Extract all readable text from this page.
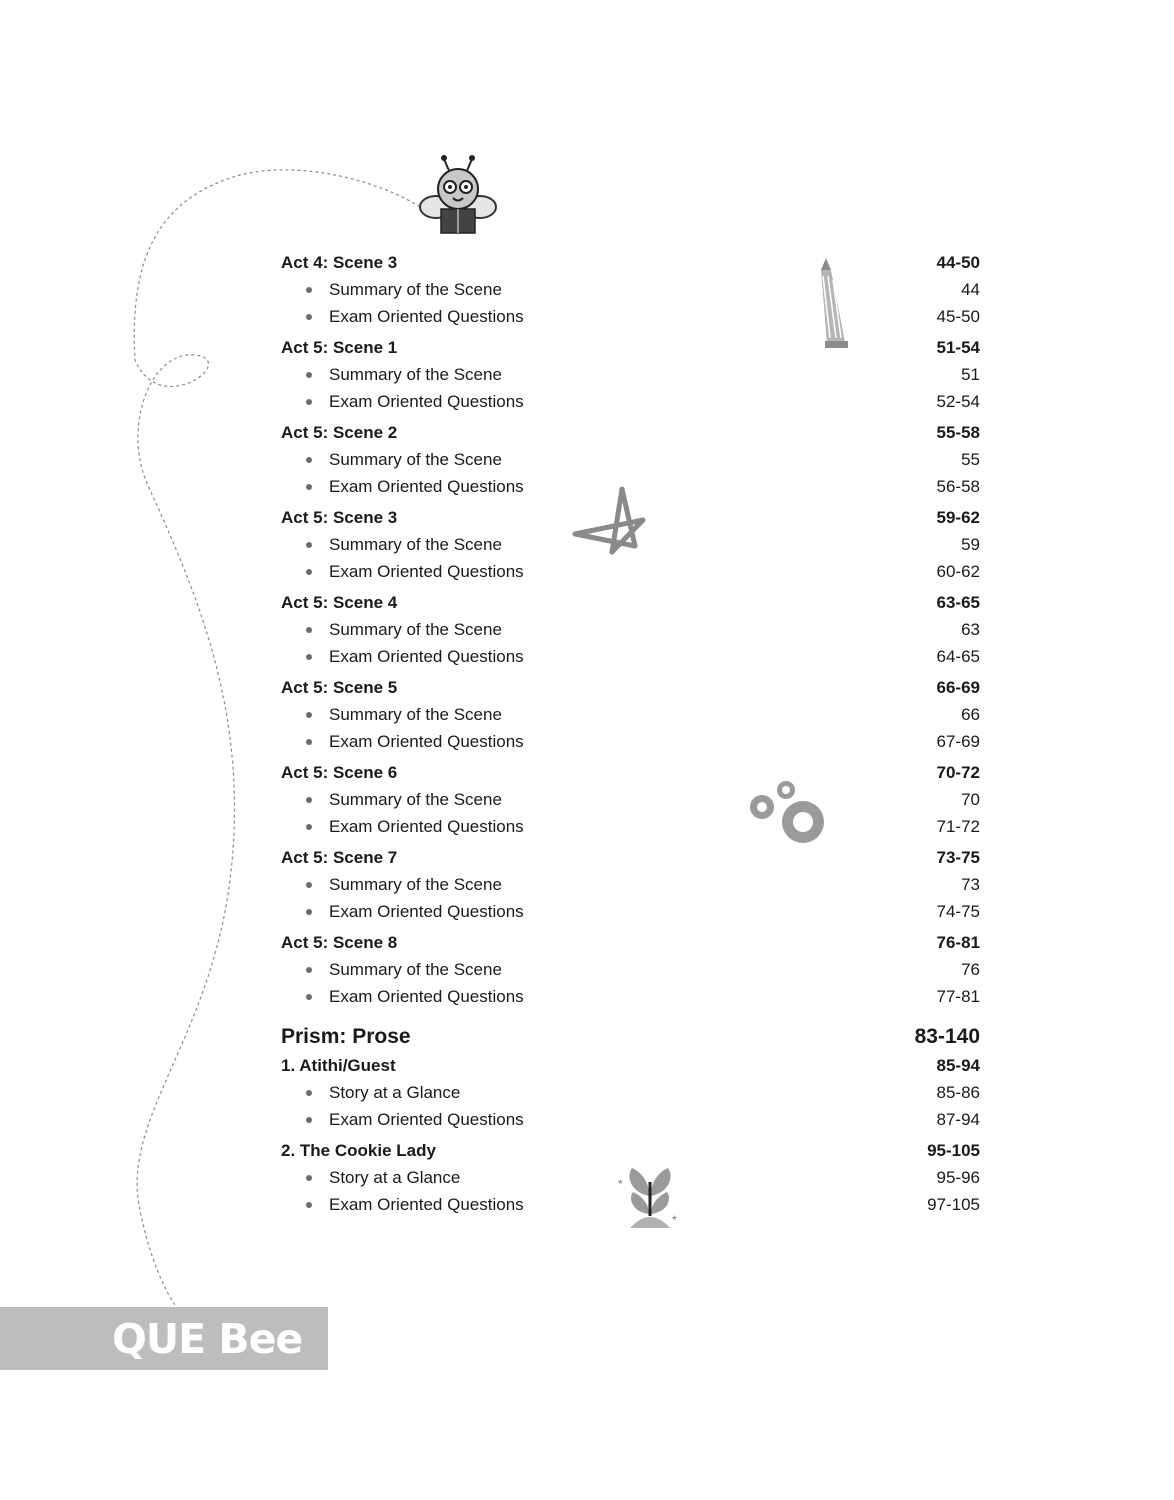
*
*
Act 4: Scene 3	44-50
Summary of the Scene	44
Exam Oriented Questions	45-50
Act 5: Scene 1	51-54
Summary of the Scene	51
Exam Oriented Questions	52-54
Act 5: Scene 2	55-58
Summary of the Scene	55
Exam Oriented Questions	56-58
Act 5: Scene 3	59-62
Summary of the Scene	59
Exam Oriented Questions	60-62
Act 5: Scene 4	63-65
Summary of the Scene	63
Exam Oriented Questions	64-65
Act 5: Scene 5	66-69
Summary of the Scene	66
Exam Oriented Questions	67-69
Act 5: Scene 6	70-72
Summary of the Scene	70
Exam Oriented Questions	71-72
Act 5: Scene 7	73-75
Summary of the Scene	73
Exam Oriented Questions	74-75
Act 5: Scene 8	76-81
Summary of the Scene	76
Exam Oriented Questions	77-81
Prism: Prose	83-140
1. Atithi/Guest	85-94
Story at a Glance	85-86
Exam Oriented Questions	87-94
2. The Cookie Lady	95-105
Story at a Glance	95-96
Exam Oriented Questions	97-105
QUE Bee
